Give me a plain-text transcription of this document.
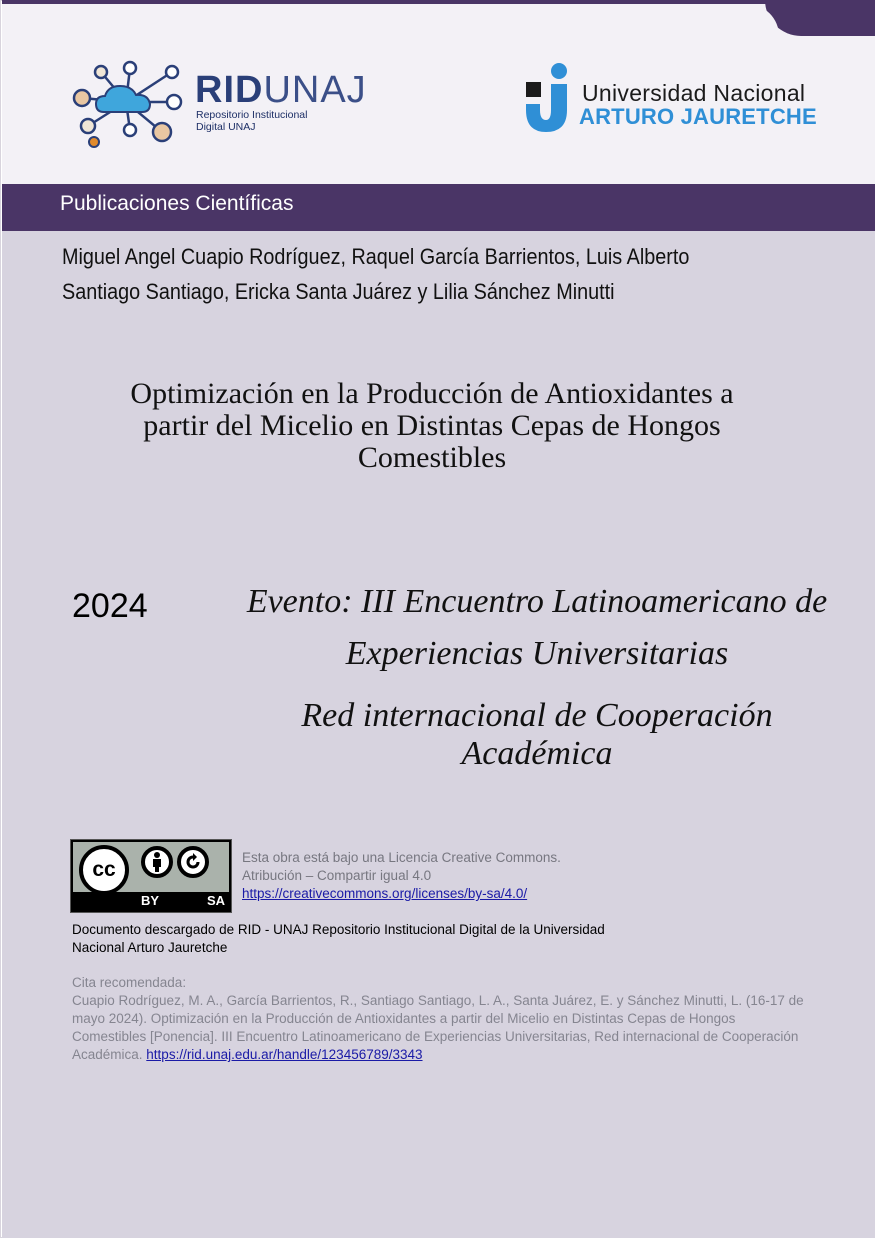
RIDUNAJ
Repositorio Institucional
Digital UNAJ
Universidad Nacional
ARTURO JAURETCHE
Publicaciones Científicas
Miguel Angel Cuapio Rodríguez, Raquel García Barrientos, Luis Alberto
Santiago Santiago, Ericka Santa Juárez y Lilia Sánchez Minutti
Optimización en la Producción de Antioxidantes a
partir del Micelio en Distintas Cepas de Hongos
Comestibles
2024	Evento: III Encuentro Latinoamericano de
Experiencias Universitarias
Red internacional de Cooperación Académica
cc
BY	SA
Esta obra está bajo una Licencia Creative Commons.
Atribución – Compartir igual 4.0
https://creativecommons.org/licenses/by-sa/4.0/
Documento descargado de RID - UNAJ Repositorio Institucional Digital de la Universidad
Nacional Arturo Jauretche
Cita recomendada:
Cuapio Rodríguez, M. A., García Barrientos, R., Santiago Santiago, L. A., Santa Juárez, E. y Sánchez Minutti, L. (16-17 de mayo 2024). Optimización en la Producción de Antioxidantes a partir del Micelio en Distintas Cepas de Hongos Comestibles [Ponencia]. III Encuentro Latinoamericano de Experiencias Universitarias, Red internacional de Cooperación Académica. https://rid.unaj.edu.ar/handle/123456789/3343
